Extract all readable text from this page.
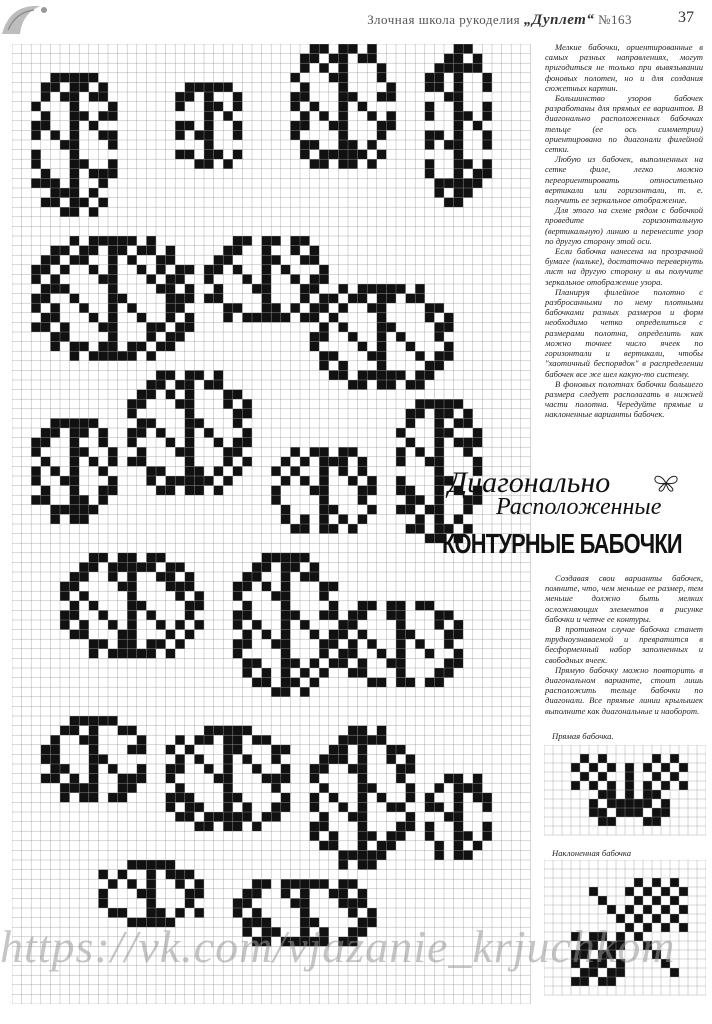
Злочная школа рукоделия „Дуплет“ №163	37

Мелкие бабочки, ориентированные в самых разных направлениях, могут пригодиться не только при вывязывании фоновых полотен, но и для создания сюжетных картин.

Большинство узоров бабочек разработаны для прямых ее вариантов. В диагонально расположенных бабочках тельце (ее ось симметрии) ориентировано по диагонали филейной сетки.

Любую из бабочек, выполненных на сетке филе, легко можно переориентировать относительно вертикали или горизонтали, т. е. получить ее зеркальное отображение.

Для этого на схеме рядом с бабочкой проведите горизонтальную (вертикальную) линию и перенесите узор по другую сторону этой оси.

Если бабочка нанесена на прозрачной бумаге (кальке), достаточно перевернуть лист на другую сторону и вы получите зеркальное отображение узора.

Планируя филейное полотно с разбросанными по нему плотными бабочками разных размеров и форм необходимо четко определиться с размерами полотна, определить как можно точнее число ячеек по горизонтали и вертикали, чтобы "хаотичный беспорядок" в распределении бабочек все же шел какую-то систему.

В фоновых полотнах бабочки большего размера следует располагать в нижней части полотна. Чередуйте прямые и наклоненные варианты бабочек.

Диагонально
Расположенные
КОНТУРНЫЕ БАБОЧКИ

Создавая свои варианты бабочек, помните, что, чем меньше ее размер, тем меньше должно быть мелких осложняющих элементов в рисунке бабочки и четче ее контуры.

В противном случае бабочка станет трудноузнаваемой и превратится в бесформенный набор заполненных и свободных ячеек.

Прямую бабочку можно повторить в диагональном варианте, стоит лишь расположить тельце бабочки по диагонали. Все прямые линии крылышек выполните как диагональные и наоборот.

Прямая бабочка.
Наклоненная бабочка
https://vk.com/vjazanie_krjuchkom
